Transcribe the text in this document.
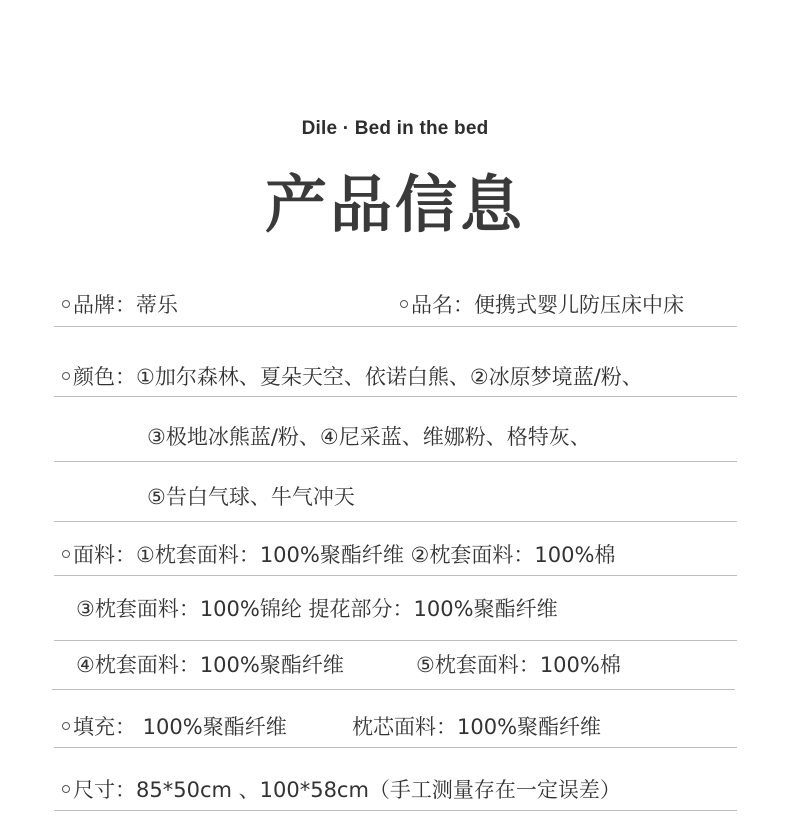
Dile · Bed in the bed
产品信息
品牌：蒂乐	品名：便携式婴儿防压床中床
颜色：①加尔森林、夏朵天空、依诺白熊、②冰原梦境蓝/粉、
③极地冰熊蓝/粉、④尼采蓝、维娜粉、格特灰、
⑤告白气球、牛气冲天
面料：①枕套面料：100%聚酯纤维 ②枕套面料：100%棉
③枕套面料：100%锦纶 提花部分：100%聚酯纤维
④枕套面料：100%聚酯纤维	⑤枕套面料：100%棉
填充： 100%聚酯纤维	枕芯面料：100%聚酯纤维
尺寸：85*50cm 、100*58cm（手工测量存在一定误差）
